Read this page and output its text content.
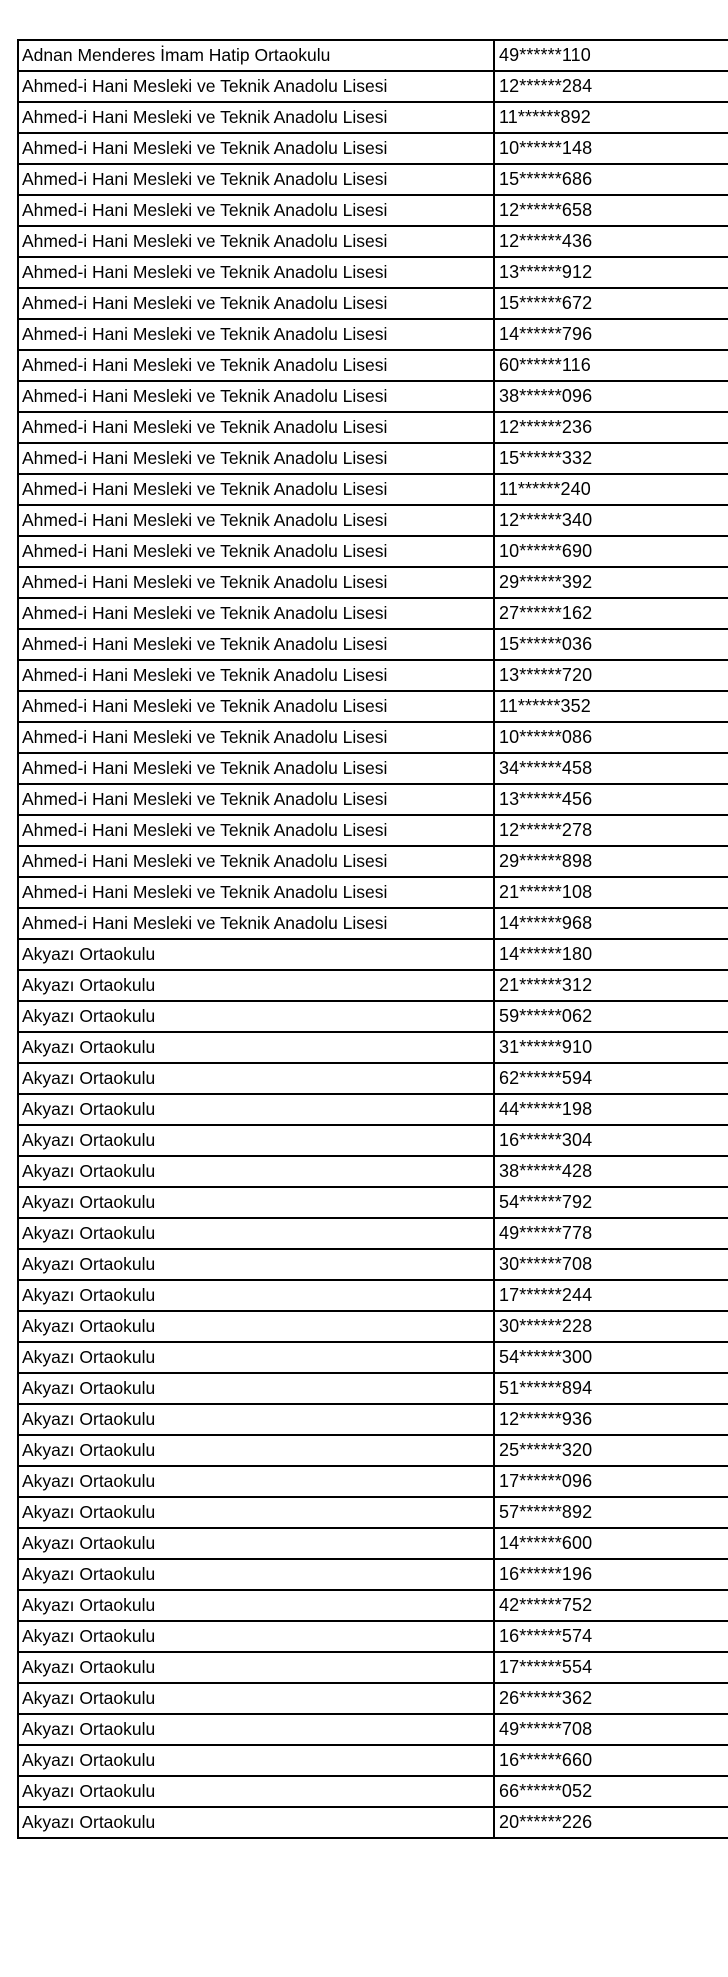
Adnan Menderes İmam Hatip Ortaokulu	49******110
Ahmed-i Hani Mesleki ve Teknik Anadolu Lisesi	12******284
Ahmed-i Hani Mesleki ve Teknik Anadolu Lisesi	11******892
Ahmed-i Hani Mesleki ve Teknik Anadolu Lisesi	10******148
Ahmed-i Hani Mesleki ve Teknik Anadolu Lisesi	15******686
Ahmed-i Hani Mesleki ve Teknik Anadolu Lisesi	12******658
Ahmed-i Hani Mesleki ve Teknik Anadolu Lisesi	12******436
Ahmed-i Hani Mesleki ve Teknik Anadolu Lisesi	13******912
Ahmed-i Hani Mesleki ve Teknik Anadolu Lisesi	15******672
Ahmed-i Hani Mesleki ve Teknik Anadolu Lisesi	14******796
Ahmed-i Hani Mesleki ve Teknik Anadolu Lisesi	60******116
Ahmed-i Hani Mesleki ve Teknik Anadolu Lisesi	38******096
Ahmed-i Hani Mesleki ve Teknik Anadolu Lisesi	12******236
Ahmed-i Hani Mesleki ve Teknik Anadolu Lisesi	15******332
Ahmed-i Hani Mesleki ve Teknik Anadolu Lisesi	11******240
Ahmed-i Hani Mesleki ve Teknik Anadolu Lisesi	12******340
Ahmed-i Hani Mesleki ve Teknik Anadolu Lisesi	10******690
Ahmed-i Hani Mesleki ve Teknik Anadolu Lisesi	29******392
Ahmed-i Hani Mesleki ve Teknik Anadolu Lisesi	27******162
Ahmed-i Hani Mesleki ve Teknik Anadolu Lisesi	15******036
Ahmed-i Hani Mesleki ve Teknik Anadolu Lisesi	13******720
Ahmed-i Hani Mesleki ve Teknik Anadolu Lisesi	11******352
Ahmed-i Hani Mesleki ve Teknik Anadolu Lisesi	10******086
Ahmed-i Hani Mesleki ve Teknik Anadolu Lisesi	34******458
Ahmed-i Hani Mesleki ve Teknik Anadolu Lisesi	13******456
Ahmed-i Hani Mesleki ve Teknik Anadolu Lisesi	12******278
Ahmed-i Hani Mesleki ve Teknik Anadolu Lisesi	29******898
Ahmed-i Hani Mesleki ve Teknik Anadolu Lisesi	21******108
Ahmed-i Hani Mesleki ve Teknik Anadolu Lisesi	14******968
Akyazı Ortaokulu	14******180
Akyazı Ortaokulu	21******312
Akyazı Ortaokulu	59******062
Akyazı Ortaokulu	31******910
Akyazı Ortaokulu	62******594
Akyazı Ortaokulu	44******198
Akyazı Ortaokulu	16******304
Akyazı Ortaokulu	38******428
Akyazı Ortaokulu	54******792
Akyazı Ortaokulu	49******778
Akyazı Ortaokulu	30******708
Akyazı Ortaokulu	17******244
Akyazı Ortaokulu	30******228
Akyazı Ortaokulu	54******300
Akyazı Ortaokulu	51******894
Akyazı Ortaokulu	12******936
Akyazı Ortaokulu	25******320
Akyazı Ortaokulu	17******096
Akyazı Ortaokulu	57******892
Akyazı Ortaokulu	14******600
Akyazı Ortaokulu	16******196
Akyazı Ortaokulu	42******752
Akyazı Ortaokulu	16******574
Akyazı Ortaokulu	17******554
Akyazı Ortaokulu	26******362
Akyazı Ortaokulu	49******708
Akyazı Ortaokulu	16******660
Akyazı Ortaokulu	66******052
Akyazı Ortaokulu	20******226
